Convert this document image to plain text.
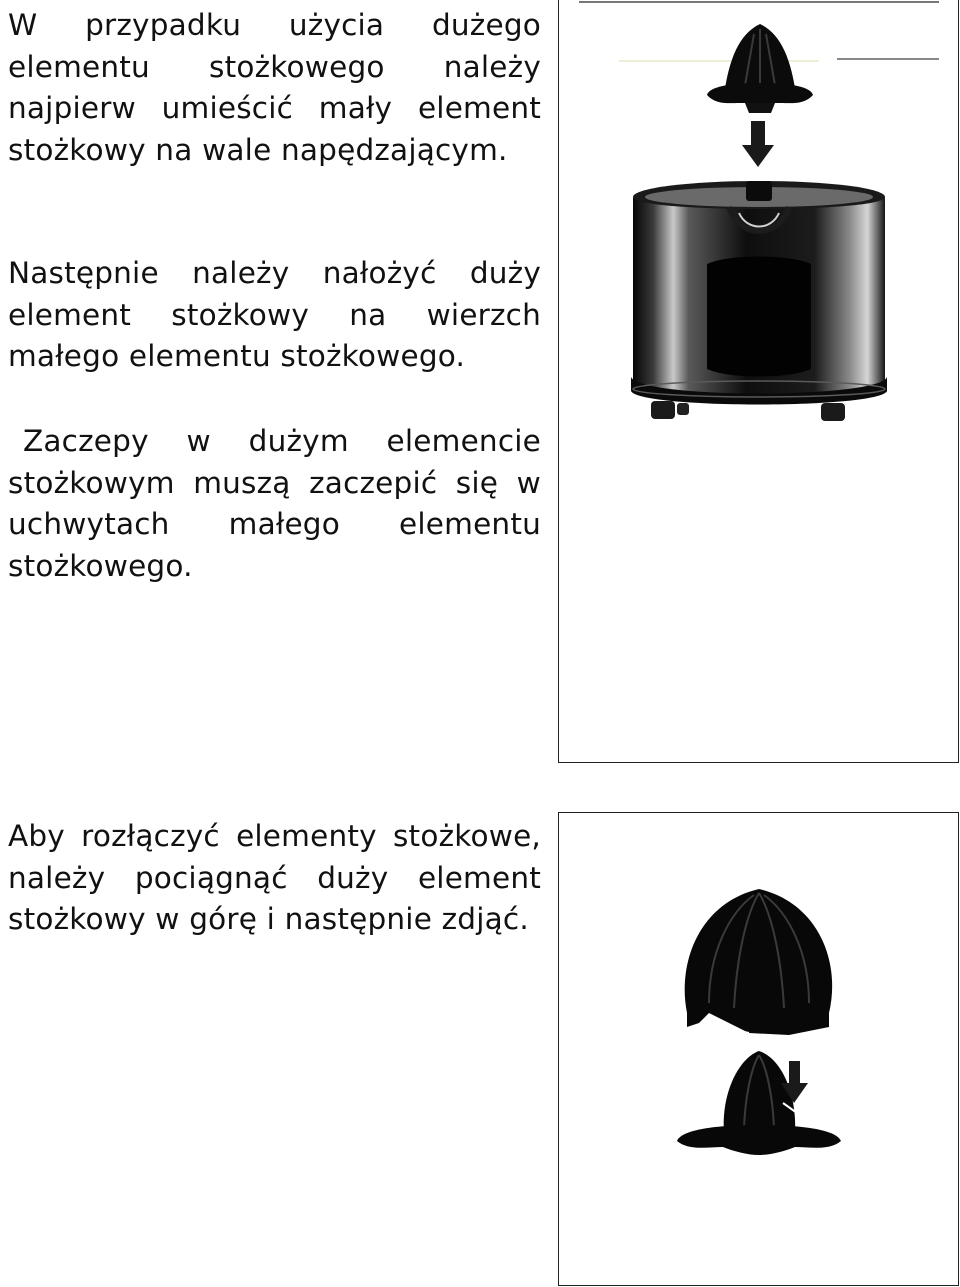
W przypadku użycia dużego elementu stożkowego należy najpierw umieścić mały element stożkowy na wale napędzającym.

Następnie należy nałożyć duży element stożkowy na wierzch małego elementu stożkowego.

Zaczepy w dużym elemencie stożkowym muszą zaczepić się w uchwytach małego elementu stożkowego.

Aby rozłączyć elementy stożkowe, należy pociągnąć duży element stożkowy w górę i następnie zdjąć.
